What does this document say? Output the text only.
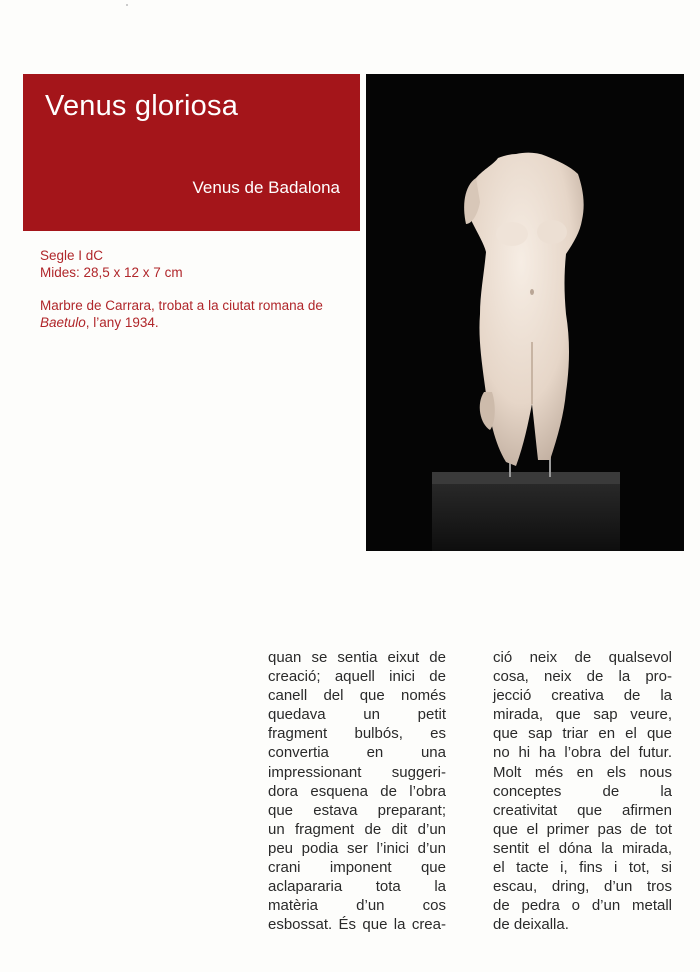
Venus gloriosa

Venus de Badalona

Segle I dC

Mides: 28,5 x 12 x 7 cm

Marbre de Carrara, trobat a la ciutat romana de Baetulo, l’any 1934.

quan se sentia eixut de
creació; aquell inici de
canell del que només
quedava un petit
fragment bulbós, es
convertia en una
impressionant suggeri-
dora esquena de l’obra
que estava preparant;
un fragment de dit d’un
peu podia ser l’inici d’un
crani imponent que
aclapararia tota la
matèria d’un cos
esbossat. És que la crea-
ció neix de qualsevol
cosa, neix de la pro-
jecció creativa de la
mirada, que sap veure,
que sap triar en el que
no hi ha l’obra del futur.
Molt més en els nous
conceptes de la
creativitat que afirmen
que el primer pas de tot
sentit el dóna la mirada,
el tacte i, fins i tot, si
escau, dring, d’un tros
de pedra o d’un metall
de deixalla.
